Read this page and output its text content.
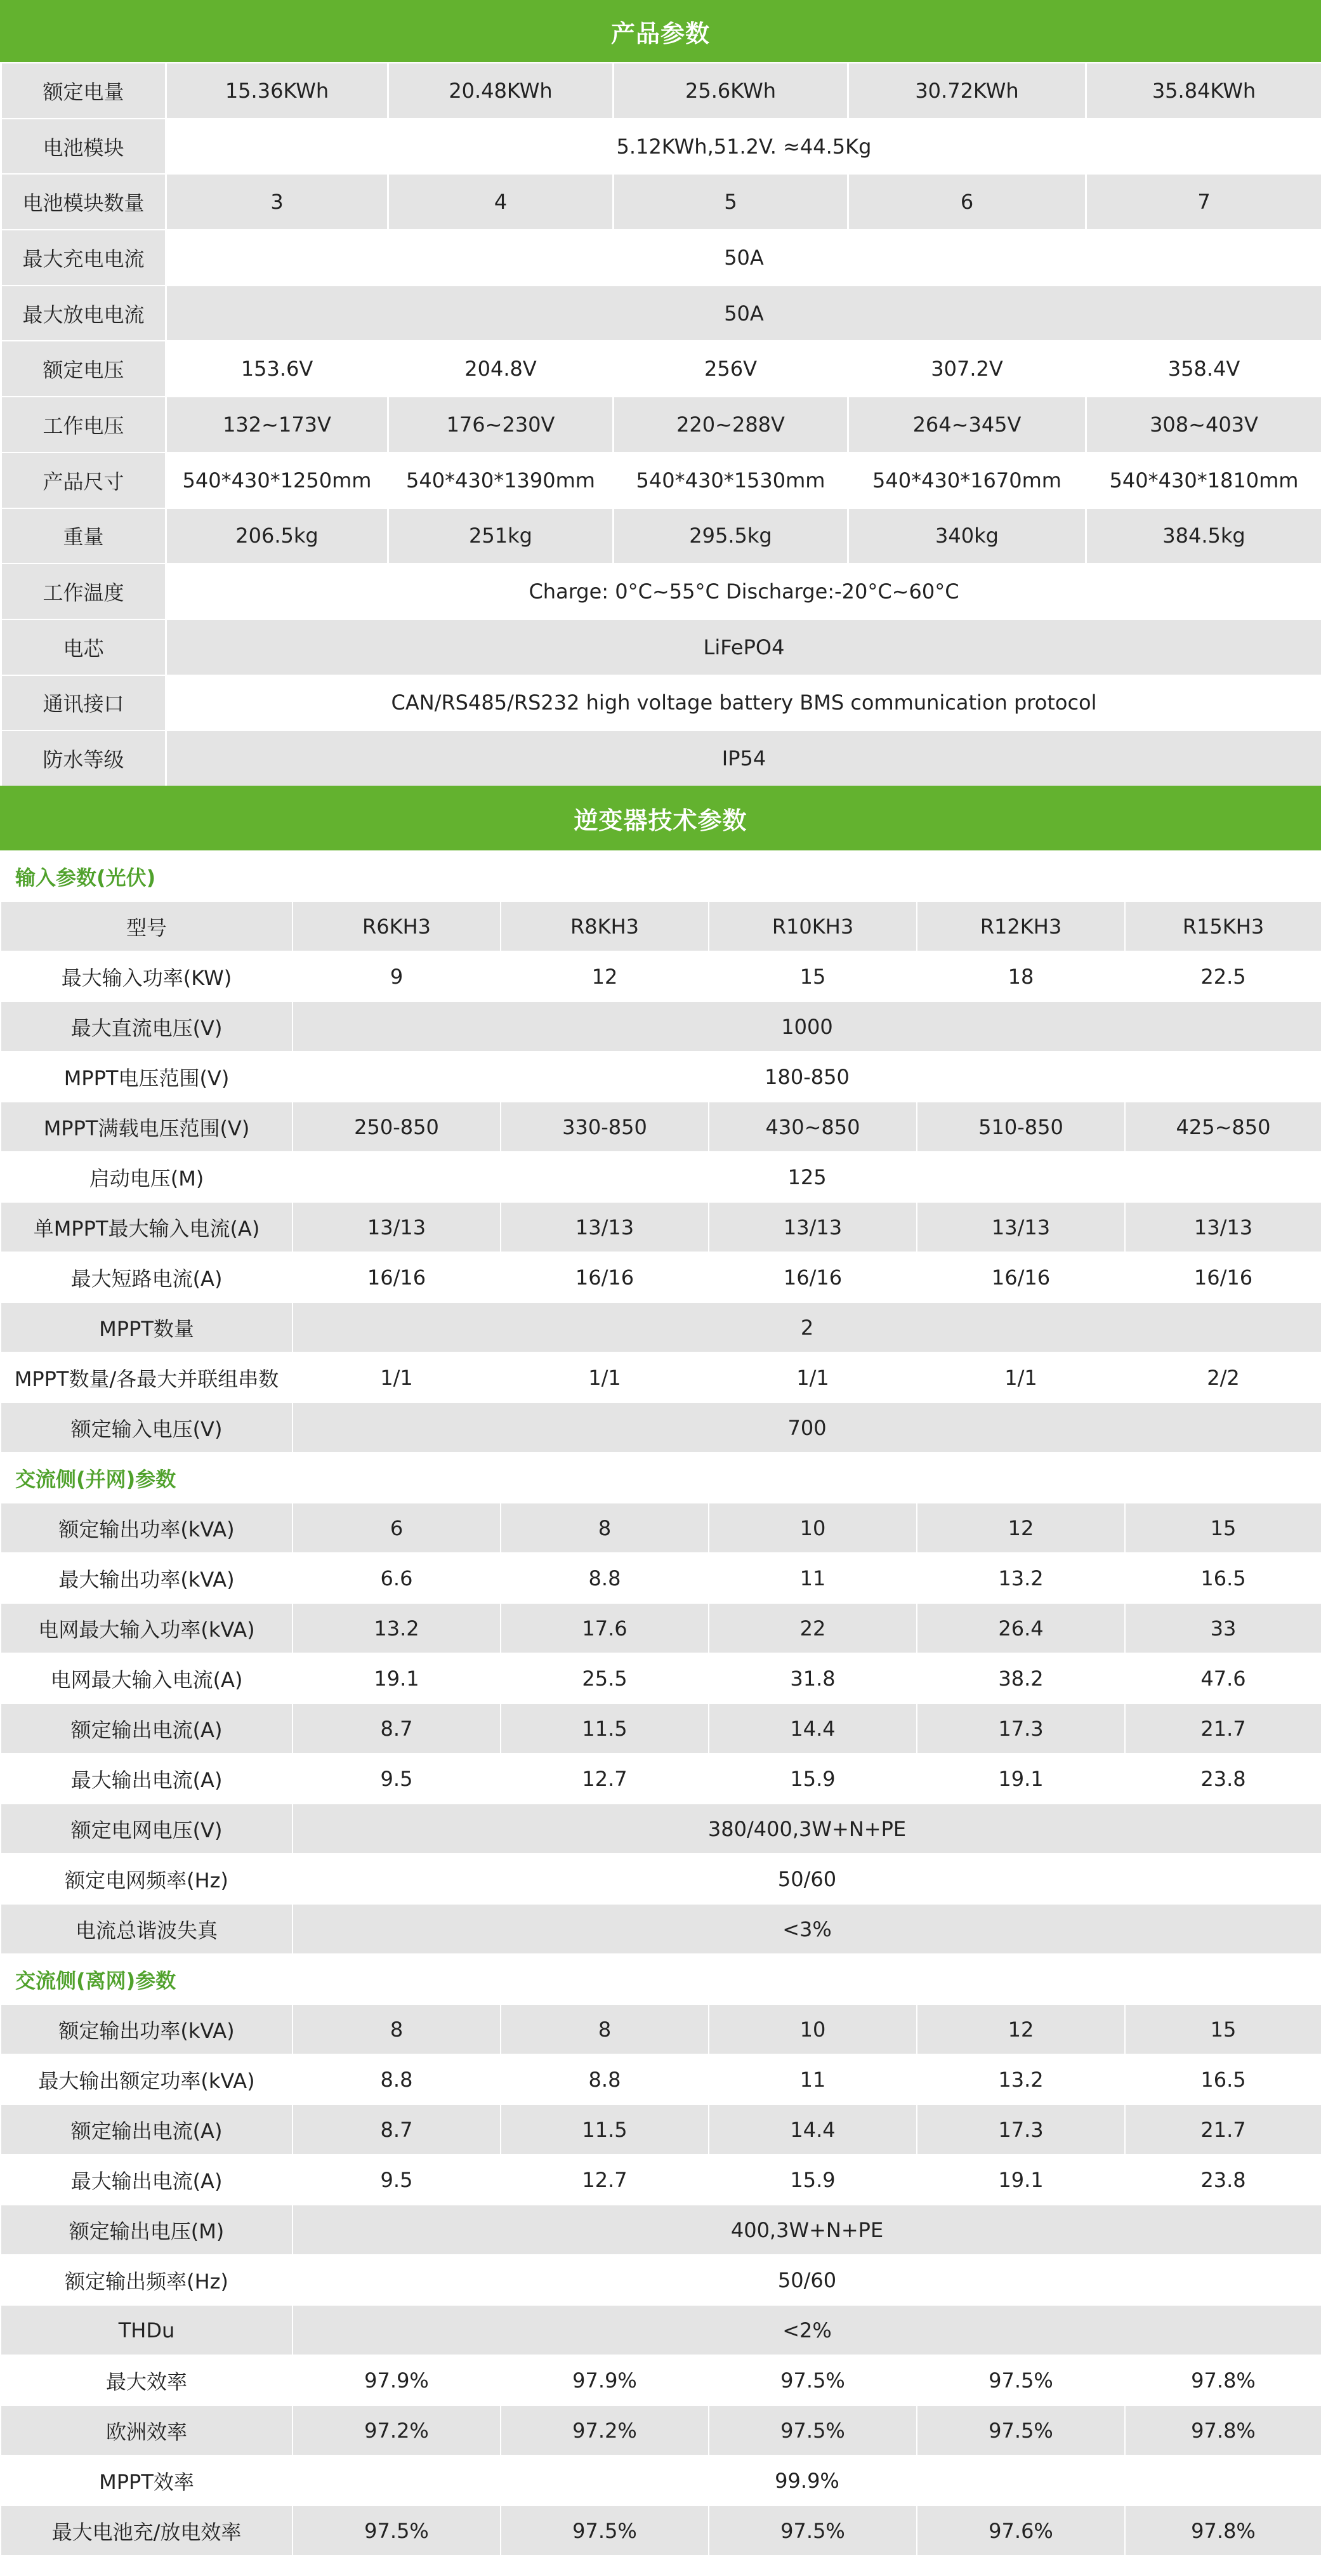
产品参数
额定电量	15.36KWh	20.48KWh	25.6KWh	30.72KWh	35.84KWh
电池模块	5.12KWh,51.2V. ≈44.5Kg				
电池模块数量	3	4	5	6	7
最大充电电流	50A				
最大放电电流	50A				
额定电压	153.6V	204.8V	256V	307.2V	358.4V
工作电压	132~173V	176~230V	220~288V	264~345V	308~403V
产品尺寸	540*430*1250mm	540*430*1390mm	540*430*1530mm	540*430*1670mm	540*430*1810mm
重量	206.5kg	251kg	295.5kg	340kg	384.5kg
工作温度	Charge: 0°C~55°C Discharge:-20°C~60°C				
电芯	LiFePO4				
通讯接口	CAN/RS485/RS232 high voltage battery BMS communication protocol				
防水等级	IP54				
逆变器技术参数
输入参数(光伏)					
型号	R6KH3	R8KH3	R10KH3	R12KH3	R15KH3
最大输入功率(KW)	9	12	15	18	22.5
最大直流电压(V)	1000				
MPPT电压范围(V)	180-850				
MPPT满载电压范围(V)	250-850	330-850	430~850	510-850	425~850
启动电压(M)	125				
单MPPT最大输入电流(A)	13/13	13/13	13/13	13/13	13/13
最大短路电流(A)	16/16	16/16	16/16	16/16	16/16
MPPT数量	2				
MPPT数量/各最大并联组串数	1/1	1/1	1/1	1/1	2/2
额定输入电压(V)	700				
交流侧(并网)参数					
额定输出功率(kVA)	6	8	10	12	15
最大输出功率(kVA)	6.6	8.8	11	13.2	16.5
电网最大输入功率(kVA)	13.2	17.6	22	26.4	33
电网最大输入电流(A)	19.1	25.5	31.8	38.2	47.6
额定输出电流(A)	8.7	11.5	14.4	17.3	21.7
最大输出电流(A)	9.5	12.7	15.9	19.1	23.8
额定电网电压(V)	380/400,3W+N+PE				
额定电网频率(Hz)	50/60				
电流总谐波失真	<3%				
交流侧(离网)参数					
额定输出功率(kVA)	8	8	10	12	15
最大输出额定功率(kVA)	8.8	8.8	11	13.2	16.5
额定输出电流(A)	8.7	11.5	14.4	17.3	21.7
最大输出电流(A)	9.5	12.7	15.9	19.1	23.8
额定输出电压(M)	400,3W+N+PE				
额定输出频率(Hz)	50/60				
THDu	<2%				
最大效率	97.9%	97.9%	97.5%	97.5%	97.8%
欧洲效率	97.2%	97.2%	97.5%	97.5%	97.8%
MPPT效率	99.9%				
最大电池充/放电效率	97.5%	97.5%	97.5%	97.6%	97.8%
